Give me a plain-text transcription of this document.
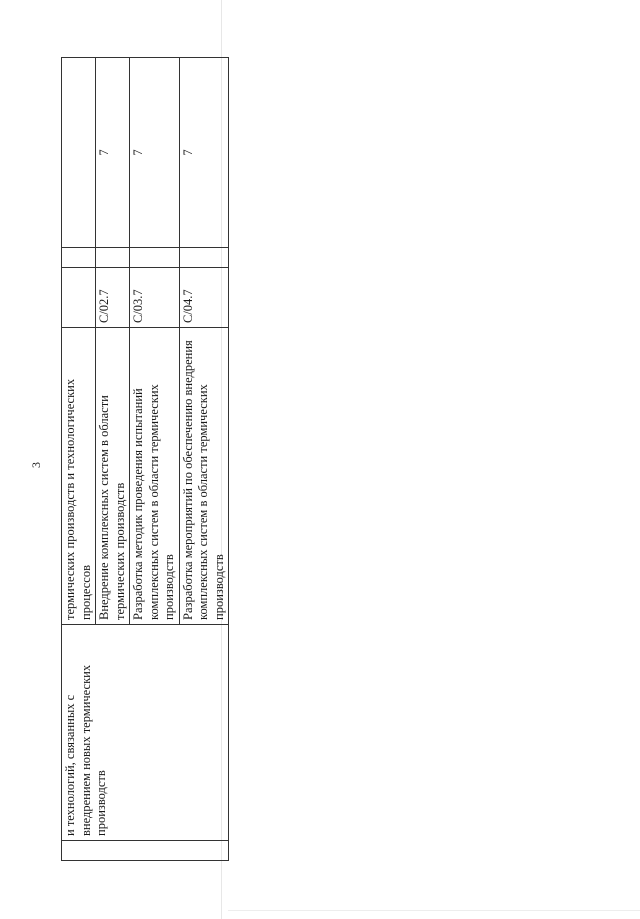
3
	и технологий, связанных с внедрением новых термических производств	термических производств и технологических процессов			
		Внедрение комплексных систем в области термических производств	C/02.7		7
		Разработка методик проведения испытаний комплексных систем в области термических производств	C/03.7		7
		Разработка мероприятий по обеспечению внедрения комплексных систем в области термических производств	C/04.7		7
